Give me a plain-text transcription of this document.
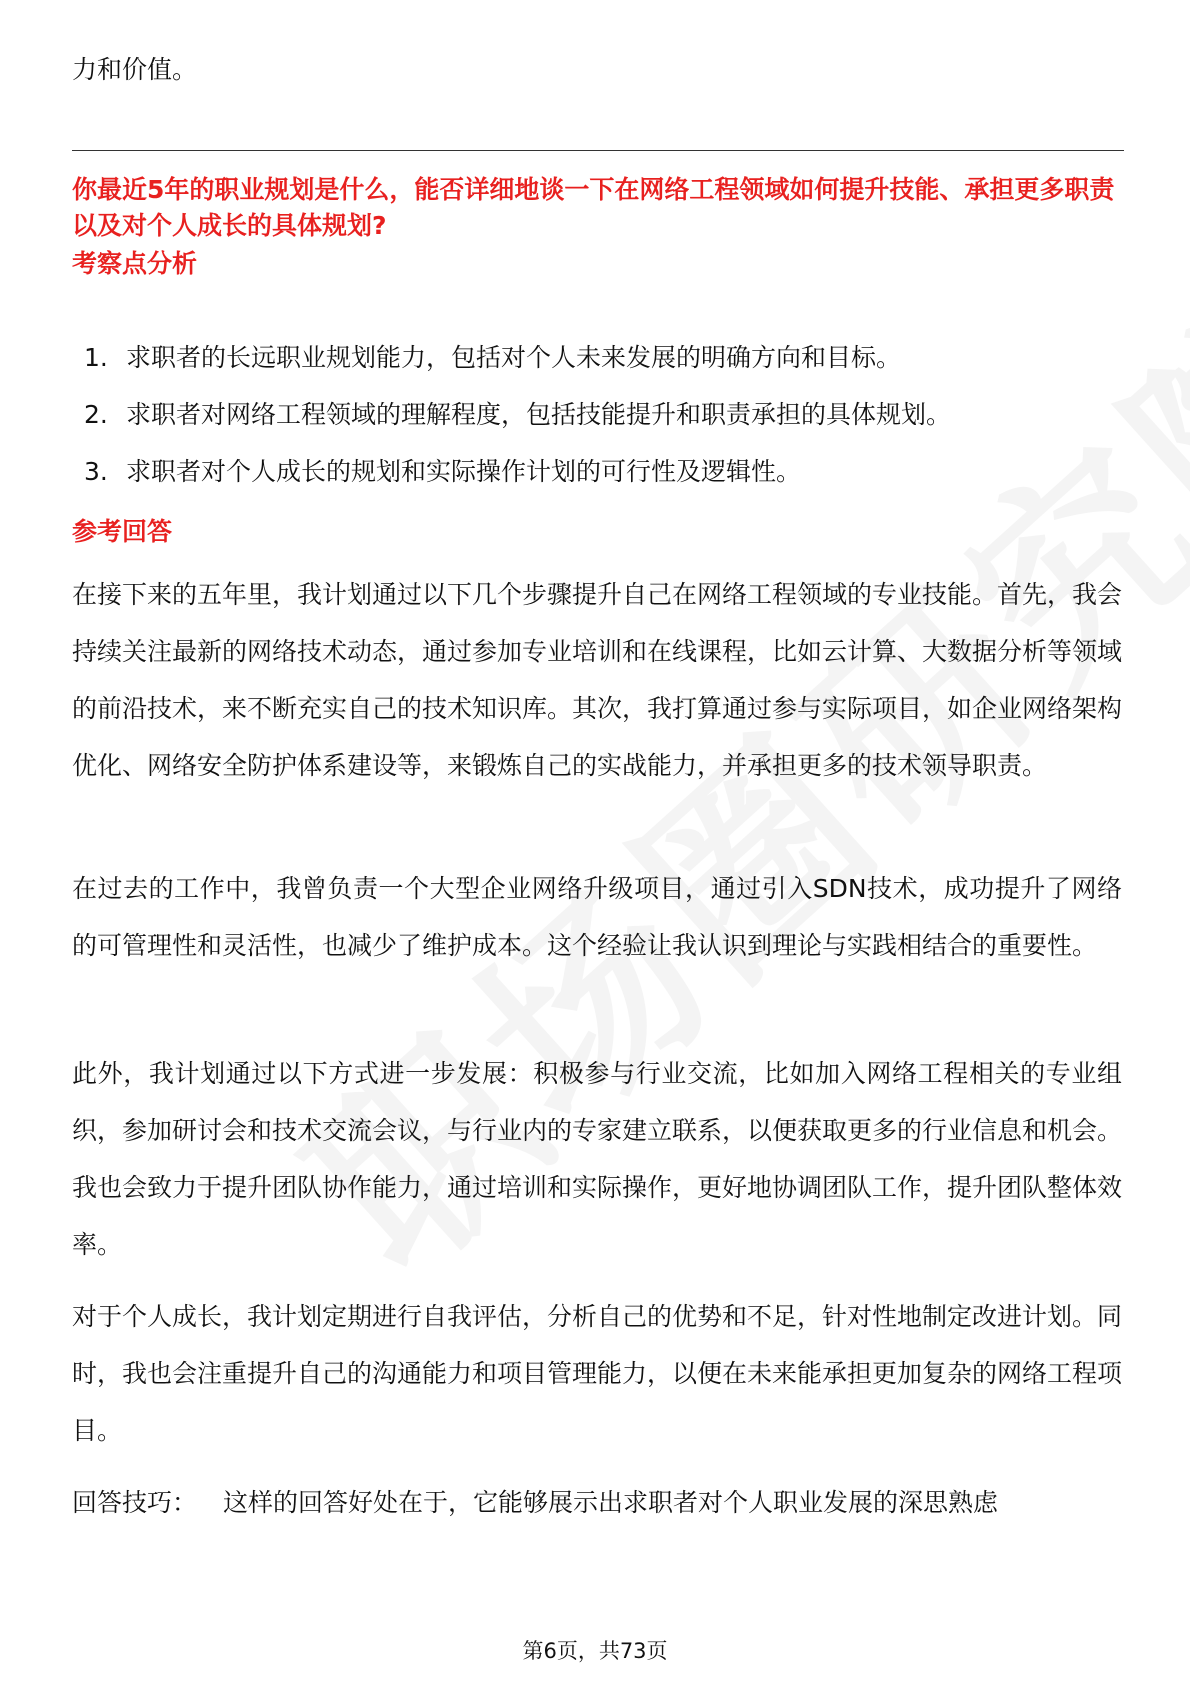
力和价值。
你最近5年的职业规划是什么，能否详细地谈一下在网络工程领域如何提升技能、承担更多职责以及对个人成长的具体规划?
考察点分析
1. 求职者的长远职业规划能力，包括对个人未来发展的明确方向和目标。
2. 求职者对网络工程领域的理解程度，包括技能提升和职责承担的具体规划。
3. 求职者对个人成长的规划和实际操作计划的可行性及逻辑性。
参考回答

在接下来的五年里，我计划通过以下几个步骤提升自己在网络工程领域的专业技能。首先，我会持续关注最新的网络技术动态，通过参加专业培训和在线课程，比如云计算、大数据分析等领域的前沿技术，来不断充实自己的技术知识库。其次，我打算通过参与实际项目，如企业网络架构优化、网络安全防护体系建设等，来锻炼自己的实战能力，并承担更多的技术领导职责。

在过去的工作中，我曾负责一个大型企业网络升级项目，通过引入SDN技术，成功提升了网络的可管理性和灵活性，也减少了维护成本。这个经验让我认识到理论与实践相结合的重要性。

此外，我计划通过以下方式进一步发展：积极参与行业交流，比如加入网络工程相关的专业组织，参加研讨会和技术交流会议，与行业内的专家建立联系，以便获取更多的行业信息和机会。我也会致力于提升团队协作能力，通过培训和实际操作，更好地协调团队工作，提升团队整体效率。

对于个人成长，我计划定期进行自我评估，分析自己的优势和不足，针对性地制定改进计划。同时，我也会注重提升自己的沟通能力和项目管理能力，以便在未来能承担更加复杂的网络工程项目。

回答技巧： 这样的回答好处在于，它能够展示出求职者对个人职业发展的深思熟虑

第6页，共73页
